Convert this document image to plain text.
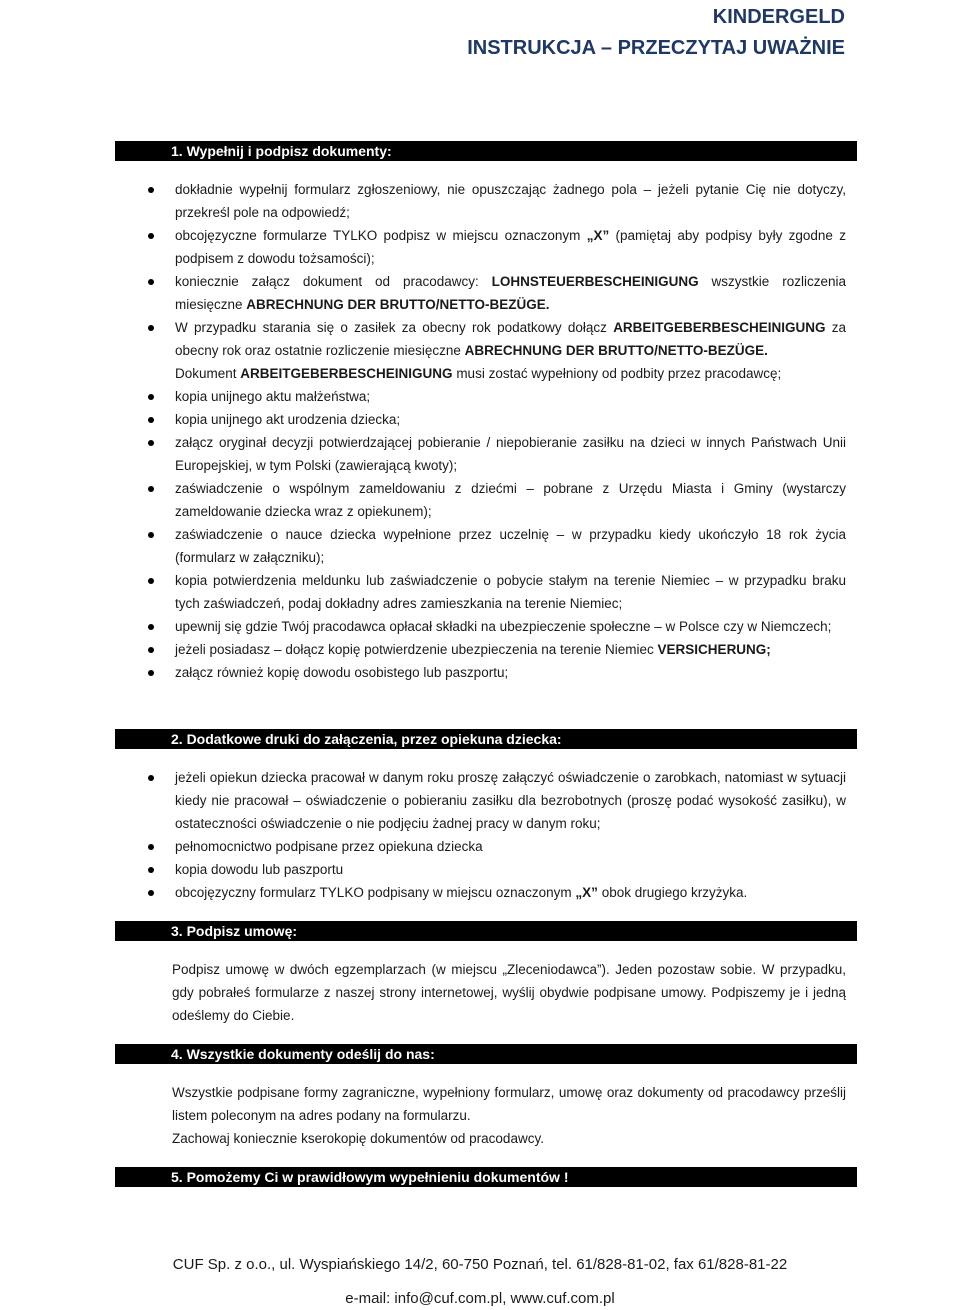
KINDERGELD
INSTRUKCJA – PRZECZYTAJ UWAŻNIE
1. Wypełnij i podpisz dokumenty:
dokładnie wypełnij formularz zgłoszeniowy, nie opuszczając żadnego pola – jeżeli pytanie Cię nie dotyczy, przekreśl pole na odpowiedź;
obcojęzyczne formularze TYLKO podpisz w miejscu oznaczonym „X” (pamiętaj aby podpisy były zgodne z podpisem z dowodu tożsamości);
koniecznie załącz dokument od pracodawcy: LOHNSTEUERBESCHEINIGUNG wszystkie rozliczenia miesięczne ABRECHNUNG DER BRUTTO/NETTO-BEZÜGE.
W przypadku starania się o zasiłek za obecny rok podatkowy dołącz ARBEITGEBERBESCHEINIGUNG za obecny rok oraz ostatnie rozliczenie miesięczne ABRECHNUNG DER BRUTTO/NETTO-BEZÜGE.
Dokument ARBEITGEBERBESCHEINIGUNG musi zostać wypełniony od podbity przez pracodawcę;
kopia unijnego aktu małżeństwa;
kopia unijnego akt urodzenia dziecka;
załącz oryginał decyzji potwierdzającej pobieranie / niepobieranie zasiłku na dzieci w innych Państwach Unii Europejskiej, w tym Polski (zawierającą kwoty);
zaświadczenie o wspólnym zameldowaniu z dziećmi – pobrane z Urzędu Miasta i Gminy (wystarczy zameldowanie dziecka wraz z opiekunem);
zaświadczenie o nauce dziecka wypełnione przez uczelnię – w przypadku kiedy ukończyło 18 rok życia (formularz w załączniku);
kopia potwierdzenia meldunku lub zaświadczenie o pobycie stałym na terenie Niemiec – w przypadku braku tych zaświadczeń, podaj dokładny adres zamieszkania na terenie Niemiec;
upewnij się gdzie Twój pracodawca opłacał składki na ubezpieczenie społeczne – w Polsce czy w Niemczech;
jeżeli posiadasz – dołącz kopię potwierdzenie ubezpieczenia na terenie Niemiec VERSICHERUNG;
załącz również kopię dowodu osobistego lub paszportu;
2. Dodatkowe druki do załączenia, przez opiekuna dziecka:
jeżeli opiekun dziecka pracował w danym roku proszę załączyć oświadczenie o zarobkach, natomiast w sytuacji kiedy nie pracował – oświadczenie o pobieraniu zasiłku dla bezrobotnych (proszę podać wysokość zasiłku), w ostateczności oświadczenie o nie podjęciu żadnej pracy w danym roku;
pełnomocnictwo podpisane przez opiekuna dziecka
kopia dowodu lub paszportu
obcojęzyczny formularz TYLKO podpisany w miejscu oznaczonym „X” obok drugiego krzyżyka.
3. Podpisz umowę:

Podpisz umowę w dwóch egzemplarzach (w miejscu „Zleceniodawca”). Jeden pozostaw sobie. W przypadku, gdy pobrałeś formularze z naszej strony internetowej, wyślij obydwie podpisane umowy. Podpiszemy je i jedną odeślemy do Ciebie.

4. Wszystkie dokumenty odeślij do nas:

Wszystkie podpisane formy zagraniczne, wypełniony formularz, umowę oraz dokumenty od pracodawcy prześlij listem poleconym na adres podany na formularzu.

Zachowaj koniecznie kserokopię dokumentów od pracodawcy.

5. Pomożemy Ci w prawidłowym wypełnieniu dokumentów !
CUF Sp. z o.o., ul. Wyspiańskiego 14/2, 60-750 Poznań, tel. 61/828-81-02, fax 61/828-81-22
e-mail: info@cuf.com.pl, www.cuf.com.pl
